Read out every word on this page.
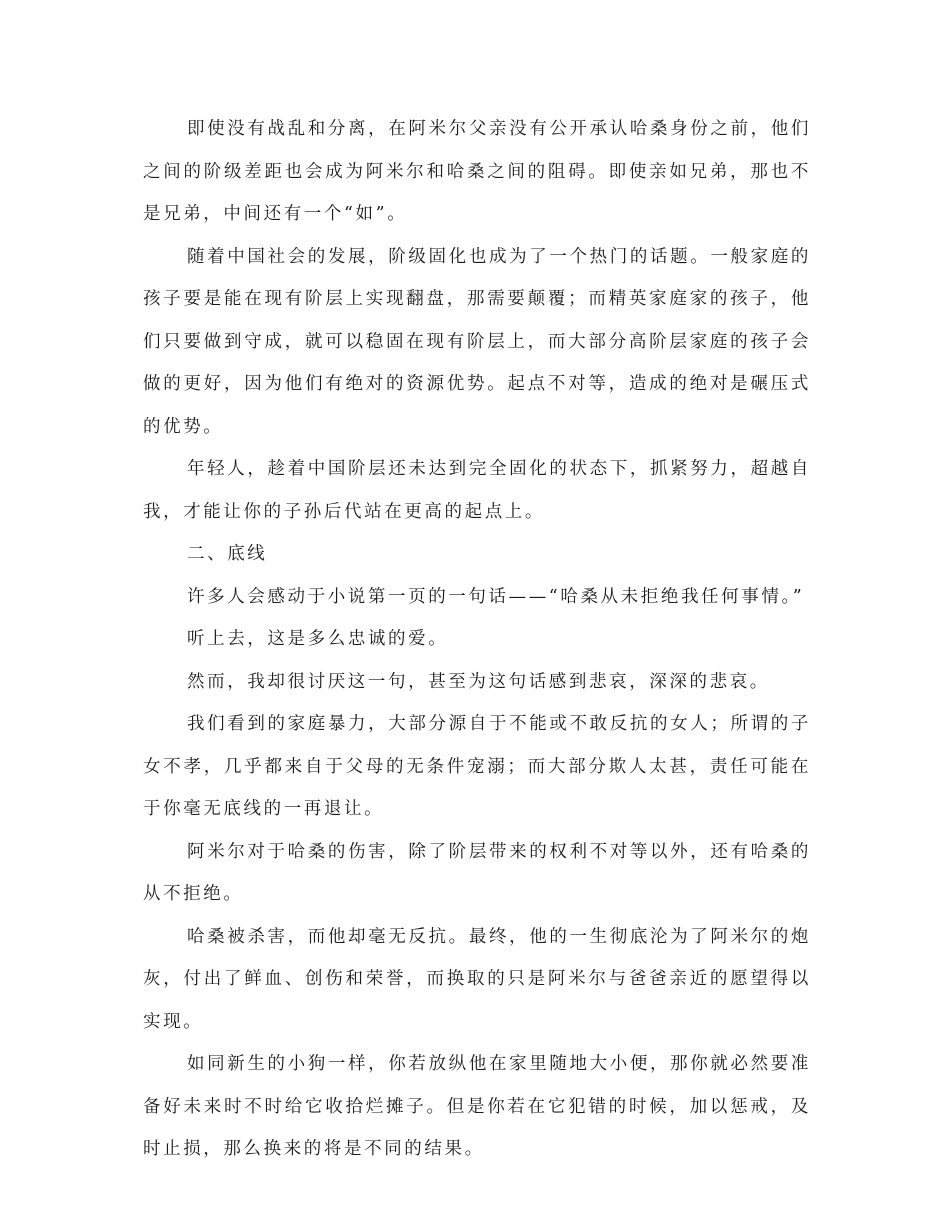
即使没有战乱和分离，在阿米尔父亲没有公开承认哈桑身份之前，他们之间的阶级差距也会成为阿米尔和哈桑之间的阻碍。即使亲如兄弟，那也不是兄弟，中间还有一个“如”。

随着中国社会的发展，阶级固化也成为了一个热门的话题。一般家庭的孩子要是能在现有阶层上实现翻盘，那需要颠覆；而精英家庭家的孩子，他们只要做到守成，就可以稳固在现有阶层上，而大部分高阶层家庭的孩子会做的更好，因为他们有绝对的资源优势。起点不对等，造成的绝对是碾压式的优势。

年轻人，趁着中国阶层还未达到完全固化的状态下，抓紧努力，超越自我，才能让你的子孙后代站在更高的起点上。

二、底线

许多人会感动于小说第一页的一句话——“哈桑从未拒绝我任何事情。”

听上去，这是多么忠诚的爱。

然而，我却很讨厌这一句，甚至为这句话感到悲哀，深深的悲哀。

我们看到的家庭暴力，大部分源自于不能或不敢反抗的女人；所谓的子女不孝，几乎都来自于父母的无条件宠溺；而大部分欺人太甚，责任可能在于你毫无底线的一再退让。

阿米尔对于哈桑的伤害，除了阶层带来的权利不对等以外，还有哈桑的从不拒绝。

哈桑被杀害，而他却毫无反抗。最终，他的一生彻底沦为了阿米尔的炮灰，付出了鲜血、创伤和荣誉，而换取的只是阿米尔与爸爸亲近的愿望得以实现。

如同新生的小狗一样，你若放纵他在家里随地大小便，那你就必然要准备好未来时不时给它收拾烂摊子。但是你若在它犯错的时候，加以惩戒，及时止损，那么换来的将是不同的结果。
